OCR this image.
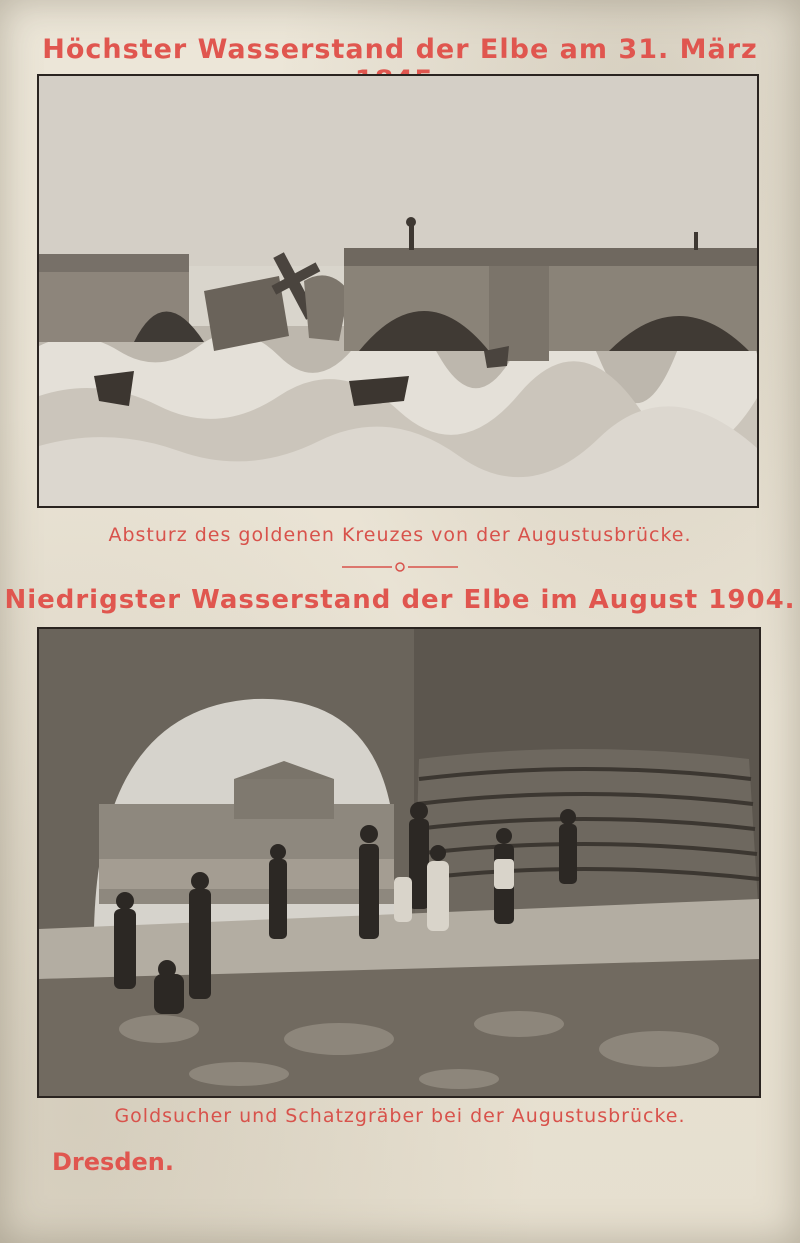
Höchster Wasserstand der Elbe am 31. März
Absturz des goldenen Kreuzes von der Augustusbrücke.
Niedrigster Wasserstand der Elbe im August 1904.
Goldsucher und Schatzgräber bei der Augustusbrücke.
Dresden.
